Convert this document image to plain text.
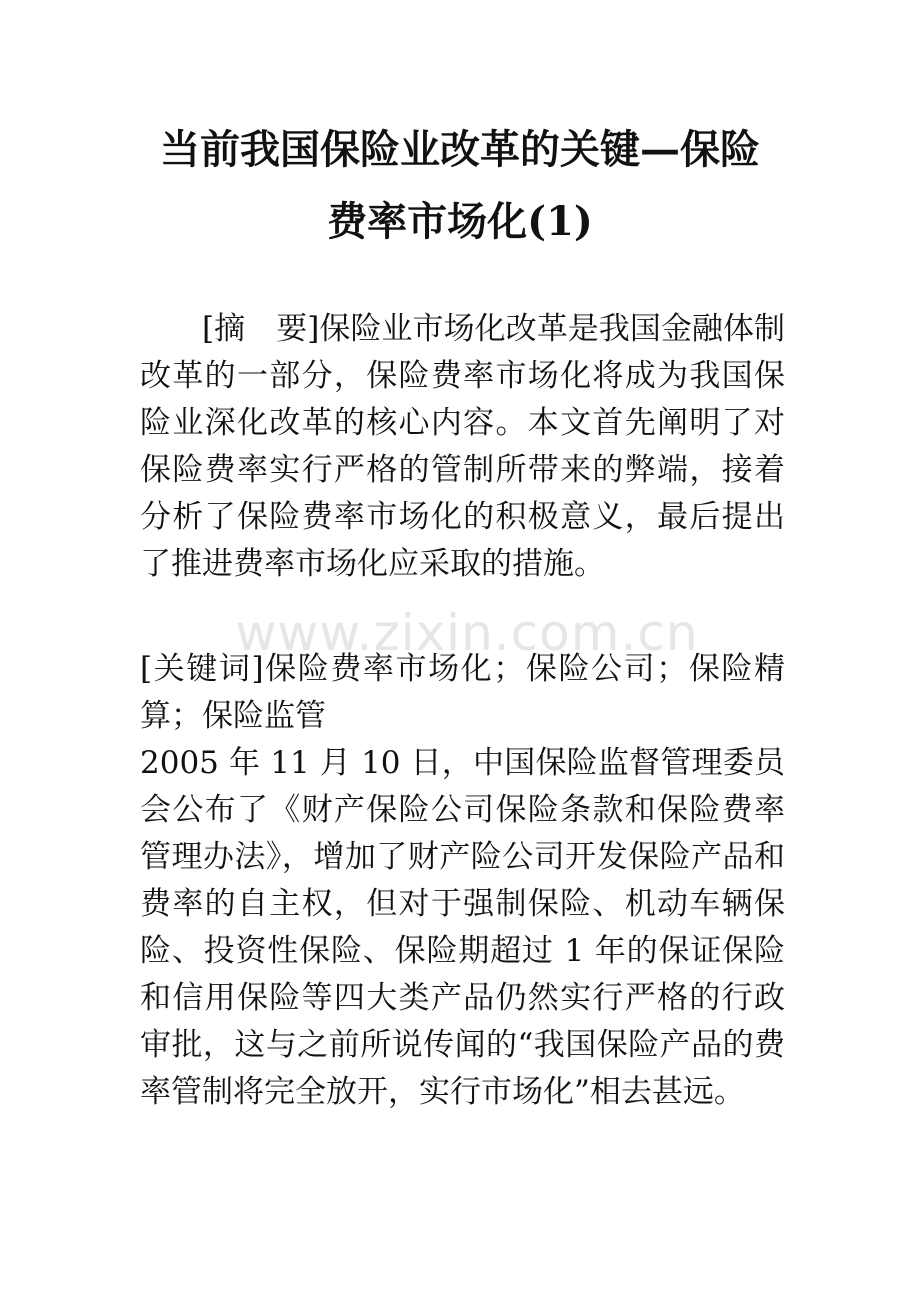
www.zixin.com.cn
当前我国保险业改革的关键—保险
费率市场化(1)

[摘　要]保险业市场化改革是我国金融体制改革的一部分，保险费率市场化将成为我国保险业深化改革的核心内容。本文首先阐明了对保险费率实行严格的管制所带来的弊端，接着分析了保险费率市场化的积极意义，最后提出了推进费率市场化应采取的措施。

[关键词]保险费率市场化；保险公司；保险精算；保险监管

2005 年 11 月 10 日，中国保险监督管理委员会公布了《财产保险公司保险条款和保险费率管理办法》，增加了财产险公司开发保险产品和费率的自主权，但对于强制保险、机动车辆保险、投资性保险、保险期超过 1 年的保证保险和信用保险等四大类产品仍然实行严格的行政审批，这与之前所说传闻的“我国保险产品的费率管制将完全放开，实行市场化”相去甚远。
